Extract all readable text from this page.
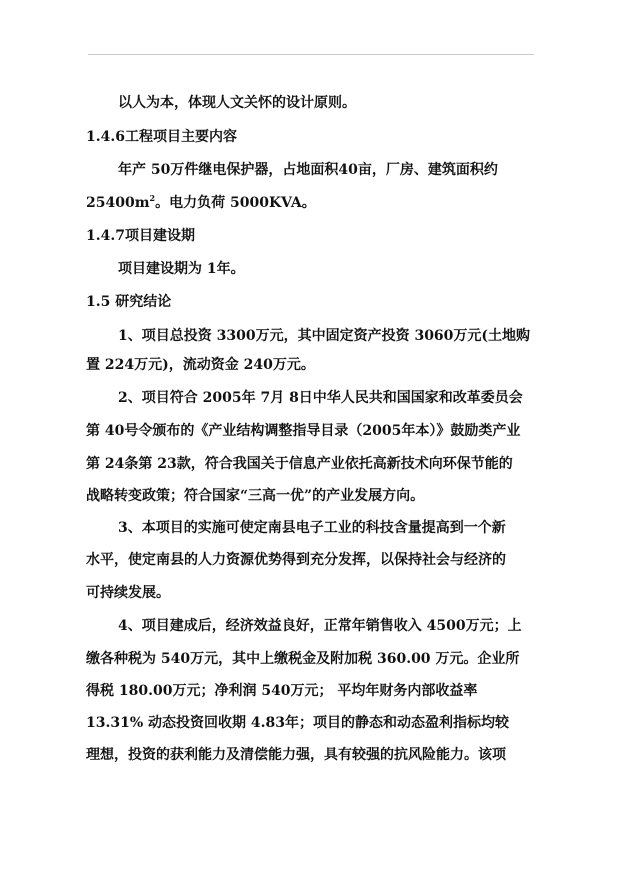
以人为本，体现人文关怀的设计原则。

1.4.6工程项目主要内容

年产 50万件继电保护器，占地面积40亩，厂房、建筑面积约

$25400m^2$。电力负荷 5000KVA。

1.4.7项目建设期

项目建设期为 1年。

1.5 研究结论

1、项目总投资 3300万元，其中固定资产投资 3060万元(土地购

置 224万元)，流动资金 240万元。

2、项目符合 2005年 7月 8日中华人民共和国国家和改革委员会

第 40号令颁布的《产业结构调整指导目录（2005年本）》鼓励类产业

第 24条第 23款，符合我国关于信息产业依托高新技术向环保节能的

战略转变政策；符合国家“三高一优”的产业发展方向。

3、本项目的实施可使定南县电子工业的科技含量提高到一个新

水平，使定南县的人力资源优势得到充分发挥，以保持社会与经济的

可持续发展。

4、项目建成后，经济效益良好，正常年销售收入 4500万元；上

缴各种税为 540万元，其中上缴税金及附加税 360.00 万元。企业所

得税 180.00万元；净利润 540万元； 平均年财务内部收益率

13.31% 动态投资回收期 4.83年；项目的静态和动态盈利指标均较

理想，投资的获利能力及清偿能力强，具有较强的抗风险能力。该项
